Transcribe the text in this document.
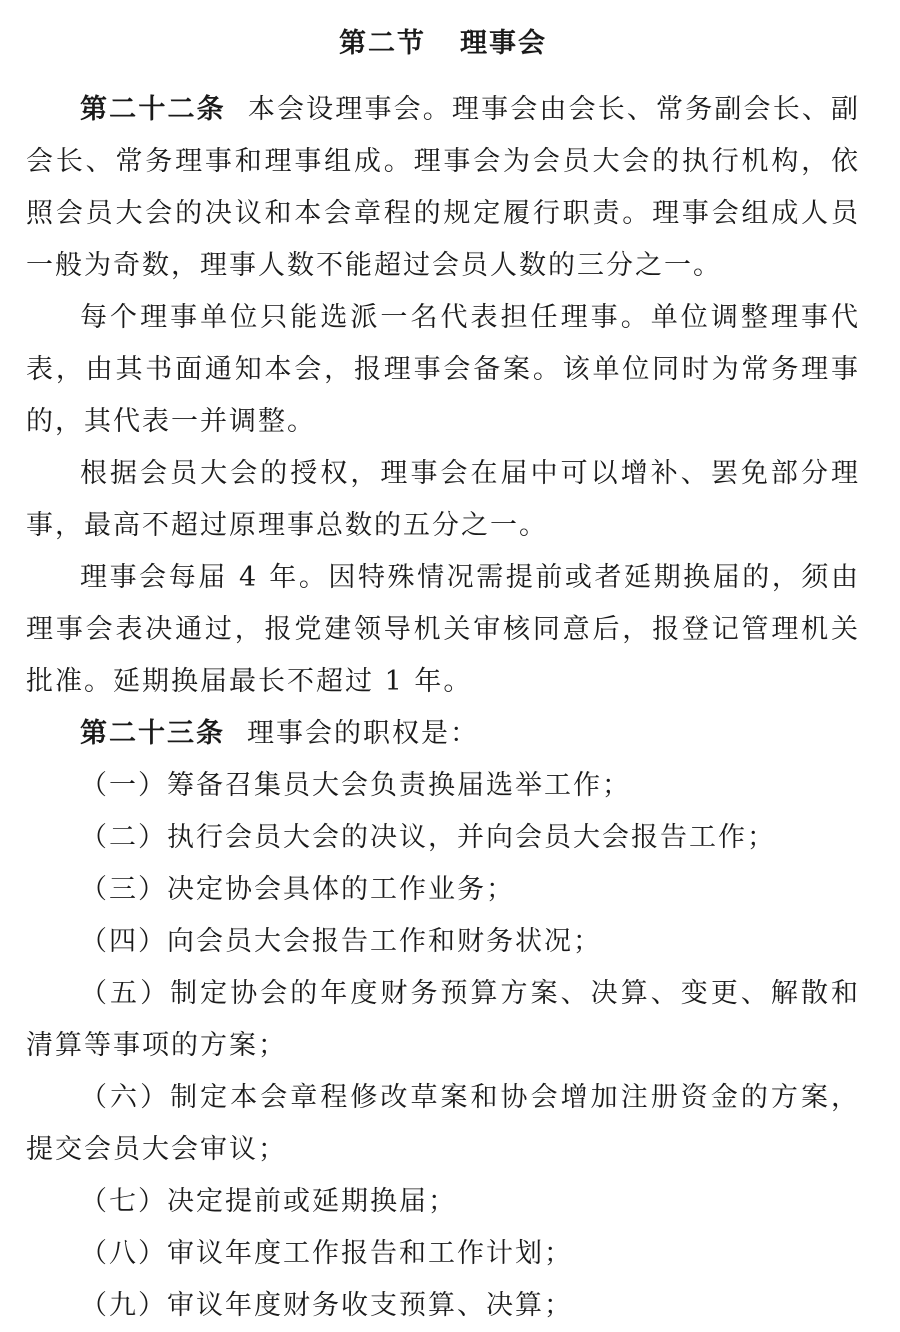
第二节 理事会

第二十二条 本会设理事会。理事会由会长、常务副会长、副会长、常务理事和理事组成。理事会为会员大会的执行机构，依照会员大会的决议和本会章程的规定履行职责。理事会组成人员一般为奇数，理事人数不能超过会员人数的三分之一。

每个理事单位只能选派一名代表担任理事。单位调整理事代表，由其书面通知本会，报理事会备案。该单位同时为常务理事的，其代表一并调整。

根据会员大会的授权，理事会在届中可以增补、罢免部分理事，最高不超过原理事总数的五分之一。

理事会每届 4 年。因特殊情况需提前或者延期换届的，须由理事会表决通过，报党建领导机关审核同意后，报登记管理机关批准。延期换届最长不超过 1 年。

第二十三条 理事会的职权是：

（一）筹备召集员大会负责换届选举工作；

（二）执行会员大会的决议，并向会员大会报告工作；

（三）决定协会具体的工作业务；

（四）向会员大会报告工作和财务状况；

（五）制定协会的年度财务预算方案、决算、变更、解散和清算等事项的方案；

（六）制定本会章程修改草案和协会增加注册资金的方案，提交会员大会审议；

（七）决定提前或延期换届；

（八）审议年度工作报告和工作计划；

（九）审议年度财务收支预算、决算；
